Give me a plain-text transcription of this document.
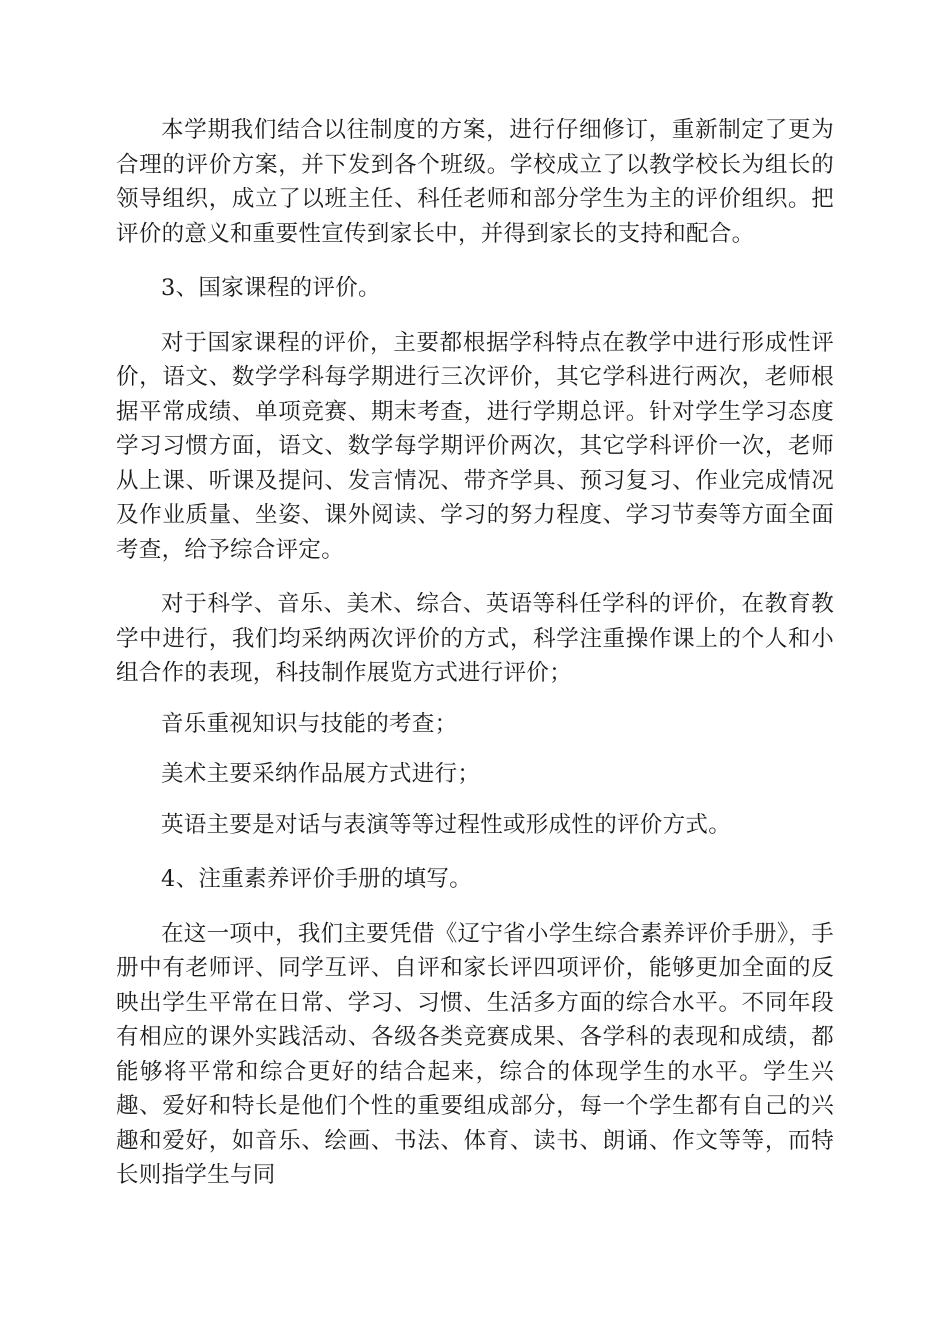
本学期我们结合以往制度的方案，进行仔细修订，重新制定了更为合理的评价方案，并下发到各个班级。学校成立了以教学校长为组长的领导组织，成立了以班主任、科任老师和部分学生为主的评价组织。把评价的意义和重要性宣传到家长中，并得到家长的支持和配合。

3、国家课程的评价。

对于国家课程的评价，主要都根据学科特点在教学中进行形成性评价，语文、数学学科每学期进行三次评价，其它学科进行两次，老师根据平常成绩、单项竞赛、期末考查，进行学期总评。针对学生学习态度学习习惯方面，语文、数学每学期评价两次，其它学科评价一次，老师从上课、听课及提问、发言情况、带齐学具、预习复习、作业完成情况及作业质量、坐姿、课外阅读、学习的努力程度、学习节奏等方面全面考查，给予综合评定。

对于科学、音乐、美术、综合、英语等科任学科的评价，在教育教学中进行，我们均采纳两次评价的方式，科学注重操作课上的个人和小组合作的表现，科技制作展览方式进行评价；

音乐重视知识与技能的考查；

美术主要采纳作品展方式进行；

英语主要是对话与表演等等过程性或形成性的评价方式。

4、注重素养评价手册的填写。

在这一项中，我们主要凭借《辽宁省小学生综合素养评价手册》，手册中有老师评、同学互评、自评和家长评四项评价，能够更加全面的反映出学生平常在日常、学习、习惯、生活多方面的综合水平。不同年段有相应的课外实践活动、各级各类竞赛成果、各学科的表现和成绩，都能够将平常和综合更好的结合起来，综合的体现学生的水平。学生兴趣、爱好和特长是他们个性的重要组成部分，每一个学生都有自己的兴趣和爱好，如音乐、绘画、书法、体育、读书、朗诵、作文等等，而特长则指学生与同
